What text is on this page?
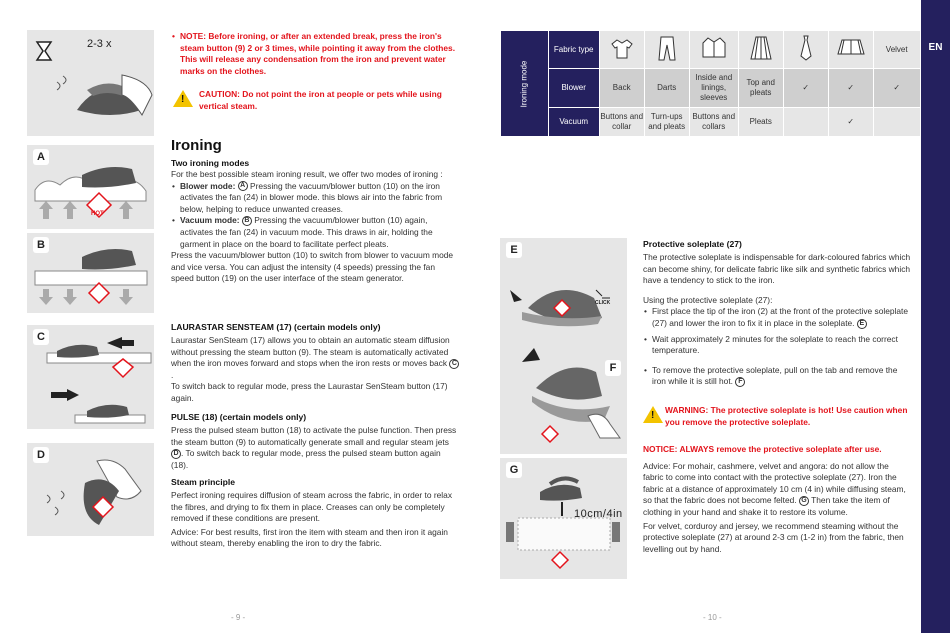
2-3 x
A
HOT
B
C
D
• NOTE: Before ironing, or after an extended break, press the iron's steam button (9) 2 or 3 times, while pointing it away from the clothes. This will release any condensation from the iron and prevent water marks on the clothes.
!
CAUTION: Do not point the iron at people or pets while using vertical steam.
Ironing
Two ironing modes

For the best possible steam ironing result, we offer two modes of ironing :

• Blower mode: A Pressing the vacuum/blower button (10) on the iron activates the fan (24) in blower mode. this blows air into the fabric from below, helping to reduce unwanted creases.
• Vacuum mode: B Pressing the vacuum/blower button (10) again, activates the fan (24) in vacuum mode. This draws in air, holding the garment in place on the board to facilitate perfect pleats.

Press the vacuum/blower button (10) to switch from blower to vacuum mode and vice versa. You can adjust the intensity (4 speeds) pressing the fan speed button (19) on the user interface of the steam generator.

LAURASTAR SENSTEAM (17) (certain models only)

Laurastar SenSteam (17) allows you to obtain an automatic steam diffusion without pressing the steam button (9). The steam is automatically activated when the iron moves forward and stops when the iron rests or moves back C.

To switch back to regular mode, press the Laurastar SenSteam button (17) again.

PULSE (18) (certain models only)

Press the pulsed steam button (18) to activate the pulse function. Then press the steam button (9) to automatically generate small and regular steam jets D . To switch back to regular mode, press the pulsed steam button again (18).

Steam principle

Perfect ironing requires diffusion of steam across the fabric, in order to relax the fibres, and drying to fix them in place. Creases can only be completely removed if these conditions are present.

Advice: For best results, first iron the item with steam and then iron it again without steam, thereby enabling the iron to dry the fabric.

- 9 -
Ironing mode	Fabric type							Velvet
	Blower	Back	Darts	Inside and linings, sleeves	Top and pleats	✓	✓	✓
	Vacuum	Buttons and collar	Turn-ups and pleats	Buttons and collars	Pleats		✓	
E
F
CLICK
G
10cm/4in
Protective soleplate (27)

The protective soleplate is indispensable for dark-coloured fabrics which can become shiny, for delicate fabric like silk and synthetic fabrics which have a tendency to stick to the iron.

Using the protective soleplate (27):

• First place the tip of the iron (2) at the front of the protective soleplate (27) and lower the iron to fix it in place in the soleplate. E
• Wait approximately 2 minutes for the soleplate to reach the correct temperature.
• To remove the protective soleplate, pull on the tab and remove the iron while it is still hot. F
!
WARNING: The protective soleplate is hot! Use caution when you remove the protective soleplate.

NOTICE: ALWAYS remove the protective soleplate after use.

Advice: For mohair, cashmere, velvet and angora: do not allow the fabric to come into contact with the protective soleplate (27). Iron the fabric at a distance of approximately 10 cm (4 in) while diffusing steam, so that the fabric does not become felted. G Then take the item of clothing in your hand and shake it to restore its volume.

For velvet, corduroy and jersey, we recommend steaming without the protective soleplate (27) at around 2-3 cm (1-2 in) from the fabric, then levelling out by hand.

- 10 -
EN
